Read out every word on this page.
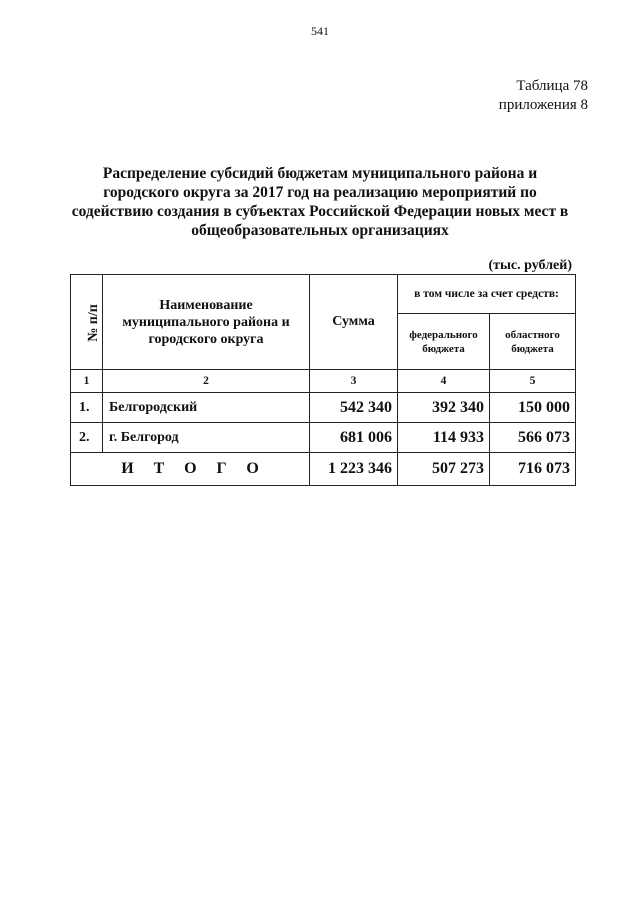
541
Таблица 78
приложения 8
Распределение субсидий бюджетам муниципального района и
городского округа за 2017 год на реализацию мероприятий по
содействию создания в субъектах Российской Федерации новых мест в
общеобразовательных организациях
(тыс. рублей)
№ п/п	Наименование муниципального района и городского округа	Сумма	в том числе за счет средств:	
			федерального бюджета	областного бюджета
1	2	3	4	5
1.	Белгородский	542 340	392 340	150 000
2.	г. Белгород	681 006	114 933	566 073
ИТОГО		1 223 346	507 273	716 073
